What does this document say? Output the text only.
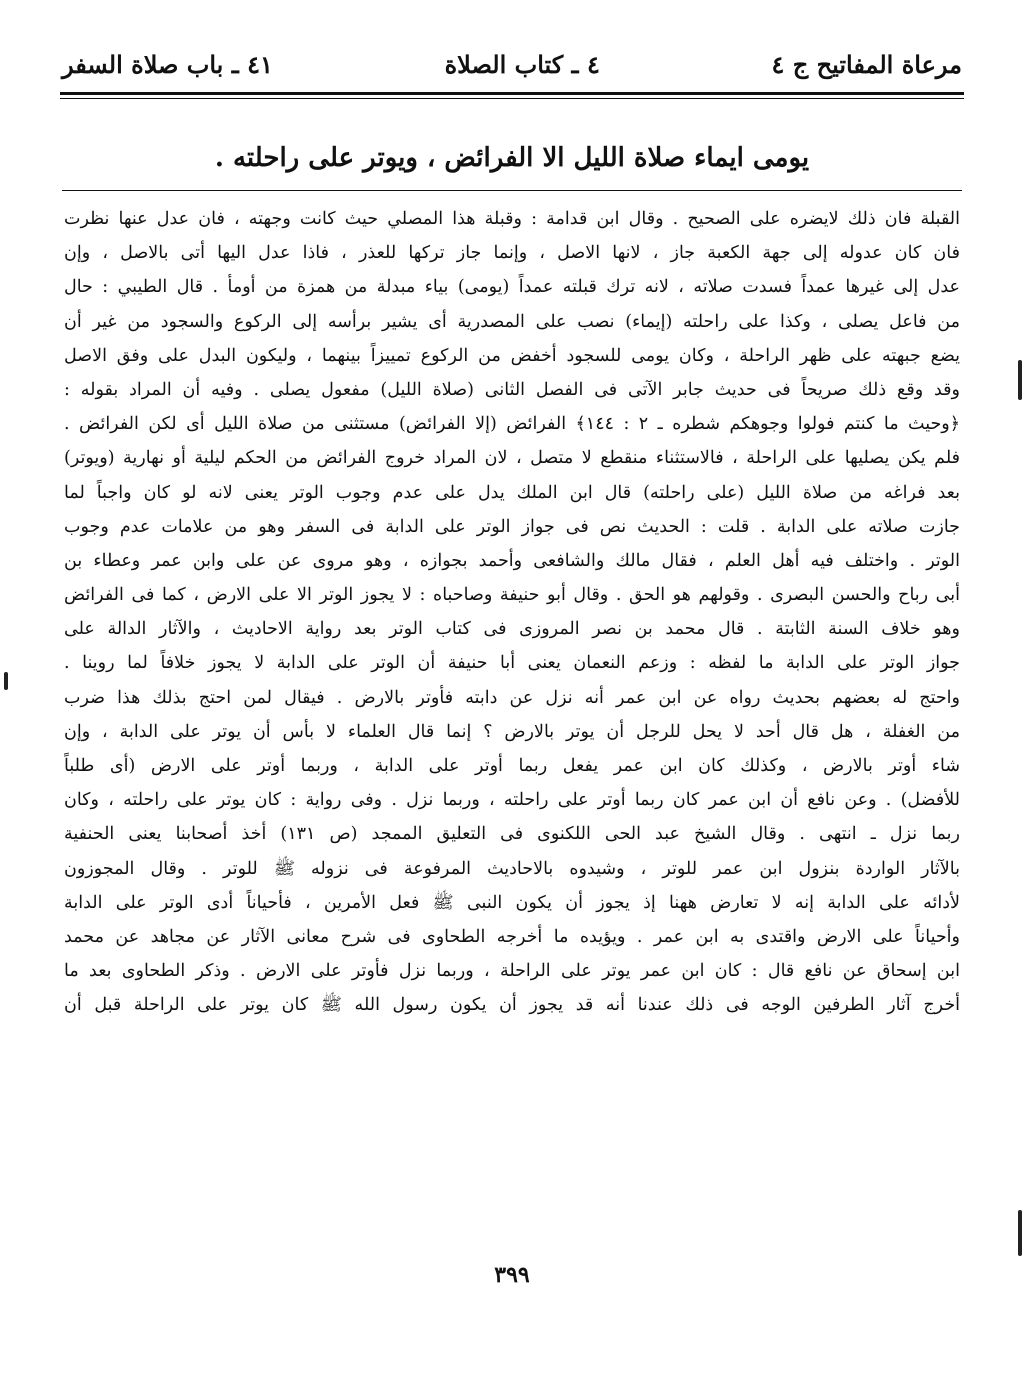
مرعاة المفاتيح ج ٤
٤ ـ كتاب الصلاة
٤١ ـ باب صلاة السفر
يومى ايماء صلاة الليل الا الفرائض ، ويوتر على راحلته .
القبلة فان ذلك لايضره على الصحيح . وقال ابن قدامة : وقبلة هذا المصلي حيث كانت وجهته ، فان عدل عنها نظرت
فان كان عدوله إلى جهة الكعبة جاز ، لانها الاصل ، وإنما جاز تركها للعذر ، فاذا عدل اليها أتى بالاصل ، وإن
عدل إلى غيرها عمداً فسدت صلاته ، لانه ترك قبلته عمداً (يومى) بياء مبدلة من همزة من أومأ . قال الطيبي : حال
من فاعل يصلى ، وكذا على راحلته (إيماء) نصب على المصدرية أى يشير برأسه إلى الركوع والسجود من غير أن
يضع جبهته على ظهر الراحلة ، وكان يومى للسجود أخفض من الركوع تمييزاً بينهما ، وليكون البدل على وفق الاصل
وقد وقع ذلك صريحاً فى حديث جابر الآتى فى الفصل الثانى (صلاة الليل) مفعول يصلى . وفيه أن المراد بقوله :
﴿وحيث ما كنتم فولوا وجوهكم شطره ـ ٢ : ١٤٤﴾ الفرائض (إلا الفرائض) مستثنى من صلاة الليل أى لكن الفرائض .
فلم يكن يصليها على الراحلة ، فالاستثناء منقطع لا متصل ، لان المراد خروج الفرائض من الحكم ليلية أو نهارية (ويوتر)
بعد فراغه من صلاة الليل (على راحلته) قال ابن الملك يدل على عدم وجوب الوتر يعنى لانه لو كان واجباً لما
جازت صلاته على الدابة . قلت : الحديث نص فى جواز الوتر على الدابة فى السفر وهو من علامات عدم وجوب
الوتر . واختلف فيه أهل العلم ، فقال مالك والشافعى وأحمد بجوازه ، وهو مروى عن على وابن عمر وعطاء بن
أبى رباح والحسن البصرى . وقولهم هو الحق . وقال أبو حنيفة وصاحباه : لا يجوز الوتر الا على الارض ، كما فى الفرائض
وهو خلاف السنة الثابتة . قال محمد بن نصر المروزى فى كتاب الوتر بعد رواية الاحاديث ، والآثار الدالة على
جواز الوتر على الدابة ما لفظه : وزعم النعمان يعنى أبا حنيفة أن الوتر على الدابة لا يجوز خلافاً لما روينا .
واحتج له بعضهم بحديث رواه عن ابن عمر أنه نزل عن دابته فأوتر بالارض . فيقال لمن احتج بذلك هذا ضرب
من الغفلة ، هل قال أحد لا يحل للرجل أن يوتر بالارض ؟ إنما قال العلماء لا بأس أن يوتر على الدابة ، وإن
شاء أوتر بالارض ، وكذلك كان ابن عمر يفعل ربما أوتر على الدابة ، وربما أوتر على الارض (أى طلباً
للأفضل) . وعن نافع أن ابن عمر كان ربما أوتر على راحلته ، وربما نزل . وفى رواية : كان يوتر على راحلته ، وكان
ربما نزل ـ انتهى . وقال الشيخ عبد الحى اللكنوى فى التعليق الممجد (ص ١٣١) أخذ أصحابنا يعنى الحنفية
بالآثار الواردة بنزول ابن عمر للوتر ، وشيدوه بالاحاديث المرفوعة فى نزوله ﷺ للوتر . وقال المجوزون
لأدائه على الدابة إنه لا تعارض ههنا إذ يجوز أن يكون النبى ﷺ فعل الأمرين ، فأحياناً أدى الوتر على الدابة
وأحياناً على الارض واقتدى به ابن عمر . ويؤيده ما أخرجه الطحاوى فى شرح معانى الآثار عن مجاهد عن محمد
ابن إسحاق عن نافع قال : كان ابن عمر يوتر على الراحلة ، وربما نزل فأوتر على الارض . وذكر الطحاوى بعد ما
أخرج آثار الطرفين الوجه فى ذلك عندنا أنه قد يجوز أن يكون رسول الله ﷺ كان يوتر على الراحلة قبل أن
٣٩٩
